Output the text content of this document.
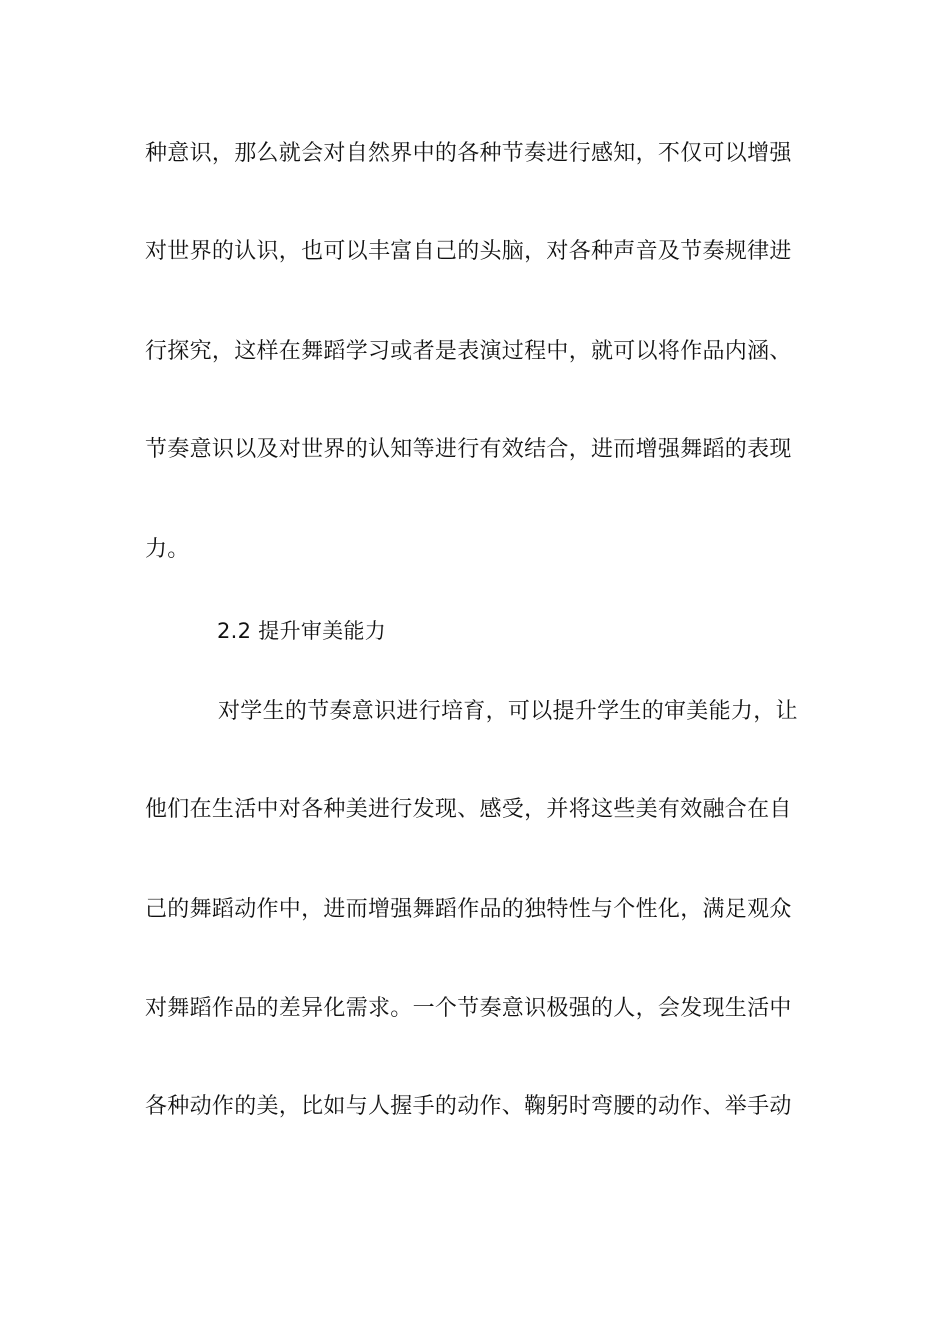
种意识，那么就会对自然界中的各种节奏进行感知，不仅可以增强
对世界的认识，也可以丰富自己的头脑，对各种声音及节奏规律进
行探究，这样在舞蹈学习或者是表演过程中，就可以将作品内涵、
节奏意识以及对世界的认知等进行有效结合，进而增强舞蹈的表现
力。
2.2 提升审美能力
对学生的节奏意识进行培育，可以提升学生的审美能力，让
他们在生活中对各种美进行发现、感受，并将这些美有效融合在自
己的舞蹈动作中，进而增强舞蹈作品的独特性与个性化，满足观众
对舞蹈作品的差异化需求。一个节奏意识极强的人，会发现生活中
各种动作的美，比如与人握手的动作、鞠躬时弯腰的动作、举手动
